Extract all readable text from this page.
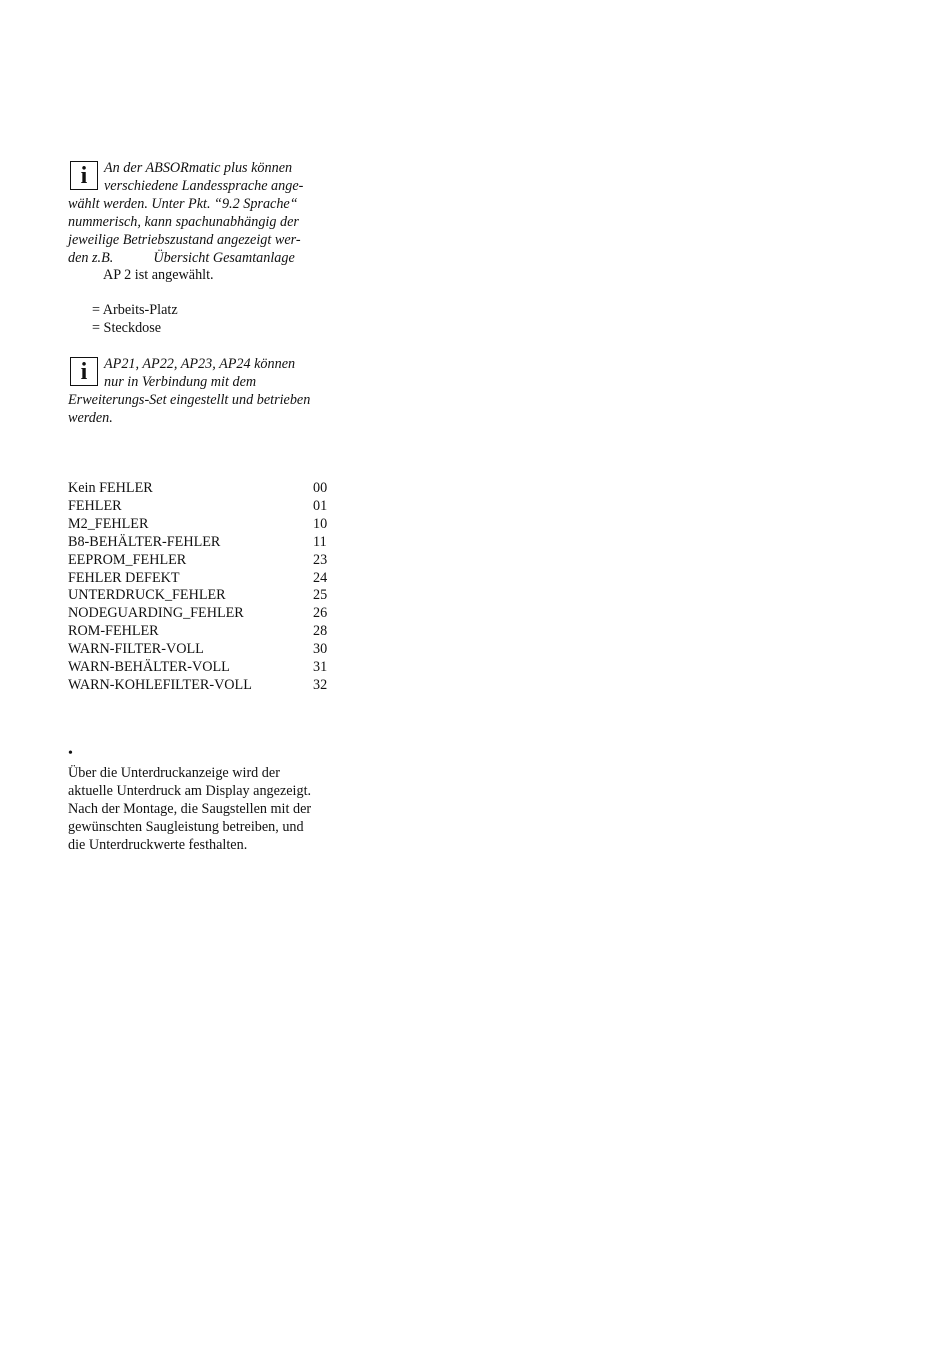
i	An der ABSORmatic plus können
verschiedene Landessprache ange-
wählt werden. Unter Pkt. “9.2 Sprache“
nummerisch, kann spachunabhängig der
jeweilige Betriebszustand angezeigt wer-
den z.B.	Übersicht Gesamtanlage
AP 2 ist angewählt.
= Arbeits-Platz
= Steckdose
i	AP21, AP22, AP23, AP24 können
nur in Verbindung mit dem
Erweiterungs-Set eingestellt und betrieben
werden.
Kein FEHLER	00
FEHLER	01
M2_FEHLER	10
B8-BEHÄLTER-FEHLER	11
EEPROM_FEHLER	23
FEHLER DEFEKT	24
UNTERDRUCK_FEHLER	25
NODEGUARDING_FEHLER	26
ROM-FEHLER	28
WARN-FILTER-VOLL	30
WARN-BEHÄLTER-VOLL	31
WARN-KOHLEFILTER-VOLL	32
•
Über die Unterdruckanzeige wird der
aktuelle Unterdruck am Display angezeigt.
Nach der Montage, die Saugstellen mit der
gewünschten Saugleistung betreiben, und
die Unterdruckwerte festhalten.
